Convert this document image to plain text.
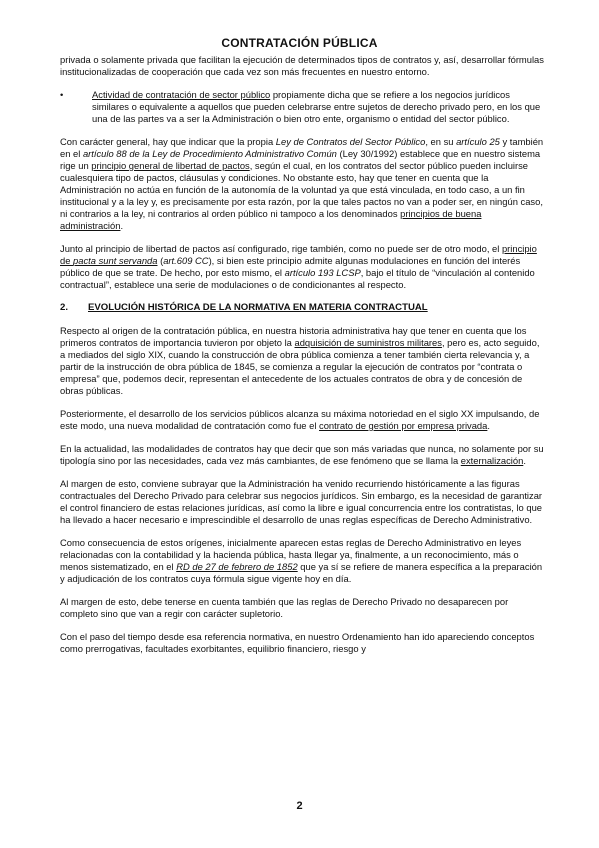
CONTRATACIÓN PÚBLICA

privada o solamente privada que facilitan la ejecución de determinados tipos de contratos y, así, desarrollar fórmulas institucionalizadas de cooperación que cada vez son más frecuentes en nuestro entorno.

•	Actividad de contratación de sector público propiamente dicha que se refiere a los negocios jurídicos similares o equivalente a aquellos que pueden celebrarse entre sujetos de derecho privado pero, en los que una de las partes va a ser la Administración o bien otro ente, organismo o entidad del sector público.

Con carácter general, hay que indicar que la propia Ley de Contratos del Sector Público, en su artículo 25 y también en el artículo 88 de la Ley de Procedimiento Administrativo Común (Ley 30/1992) establece que en nuestro sistema rige un principio general de libertad de pactos, según el cual, en los contratos del sector público pueden incluirse cualesquiera tipo de pactos, cláusulas y condiciones. No obstante esto, hay que tener en cuenta que la Administración no actúa en función de la autonomía de la voluntad ya que está vinculada, en todo caso, a un fin institucional y a la ley y, es precisamente por esta razón, por la que tales pactos no van a poder ser, en ningún caso, ni contrarios a la ley, ni contrarios al orden público ni tampoco a los denominados principios de buena administración.

Junto al principio de libertad de pactos así configurado, rige también, como no puede ser de otro modo, el principio de pacta sunt servanda (art.609 CC), si bien este principio admite algunas modulaciones en función del interés público de que se trate. De hecho, por esto mismo, el artículo 193 LCSP, bajo el título de “vinculación al contenido contractual”, establece una serie de modulaciones o de condicionantes al respecto.

2.	EVOLUCIÓN HISTÓRICA DE LA NORMATIVA EN MATERIA CONTRACTUAL

Respecto al origen de la contratación pública, en nuestra historia administrativa hay que tener en cuenta que los primeros contratos de importancia tuvieron por objeto la adquisición de suministros militares, pero es, acto seguido, a mediados del siglo XIX, cuando la construcción de obra pública comienza a tener también cierta relevancia y, a partir de la instrucción de obra pública de 1845, se comienza a regular la ejecución de contratos por “contrata o empresa” que, podemos decir, representan el antecedente de los actuales contratos de obra y de concesión de obras públicas.

Posteriormente, el desarrollo de los servicios públicos alcanza su máxima notoriedad en el siglo XX impulsando, de este modo, una nueva modalidad de contratación como fue el contrato de gestión por empresa privada.

En la actualidad, las modalidades de contratos hay que decir que son más variadas que nunca, no solamente por su tipología sino por las necesidades, cada vez más cambiantes, de ese fenómeno que se llama la externalización.

Al margen de esto, conviene subrayar que la Administración ha venido recurriendo históricamente a las figuras contractuales del Derecho Privado para celebrar sus negocios jurídicos. Sin embargo, es la necesidad de garantizar el control financiero de estas relaciones jurídicas, así como la libre e igual concurrencia entre los contratistas, lo que ha llevado a hacer necesario e imprescindible el desarrollo de unas reglas específicas de Derecho Administrativo.

Como consecuencia de estos orígenes, inicialmente aparecen estas reglas de Derecho Administrativo en leyes relacionadas con la contabilidad y la hacienda pública, hasta llegar ya, finalmente, a un reconocimiento, más o menos sistematizado, en el RD de 27 de febrero de 1852 que ya sí se refiere de manera específica a la preparación y adjudicación de los contratos cuya fórmula sigue vigente hoy en día.

Al margen de esto, debe tenerse en cuenta también que las reglas de Derecho Privado no desaparecen por completo sino que van a regir con carácter supletorio.

Con el paso del tiempo desde esa referencia normativa, en nuestro Ordenamiento han ido apareciendo conceptos como prerrogativas, facultades exorbitantes, equilibrio financiero, riesgo y

2
